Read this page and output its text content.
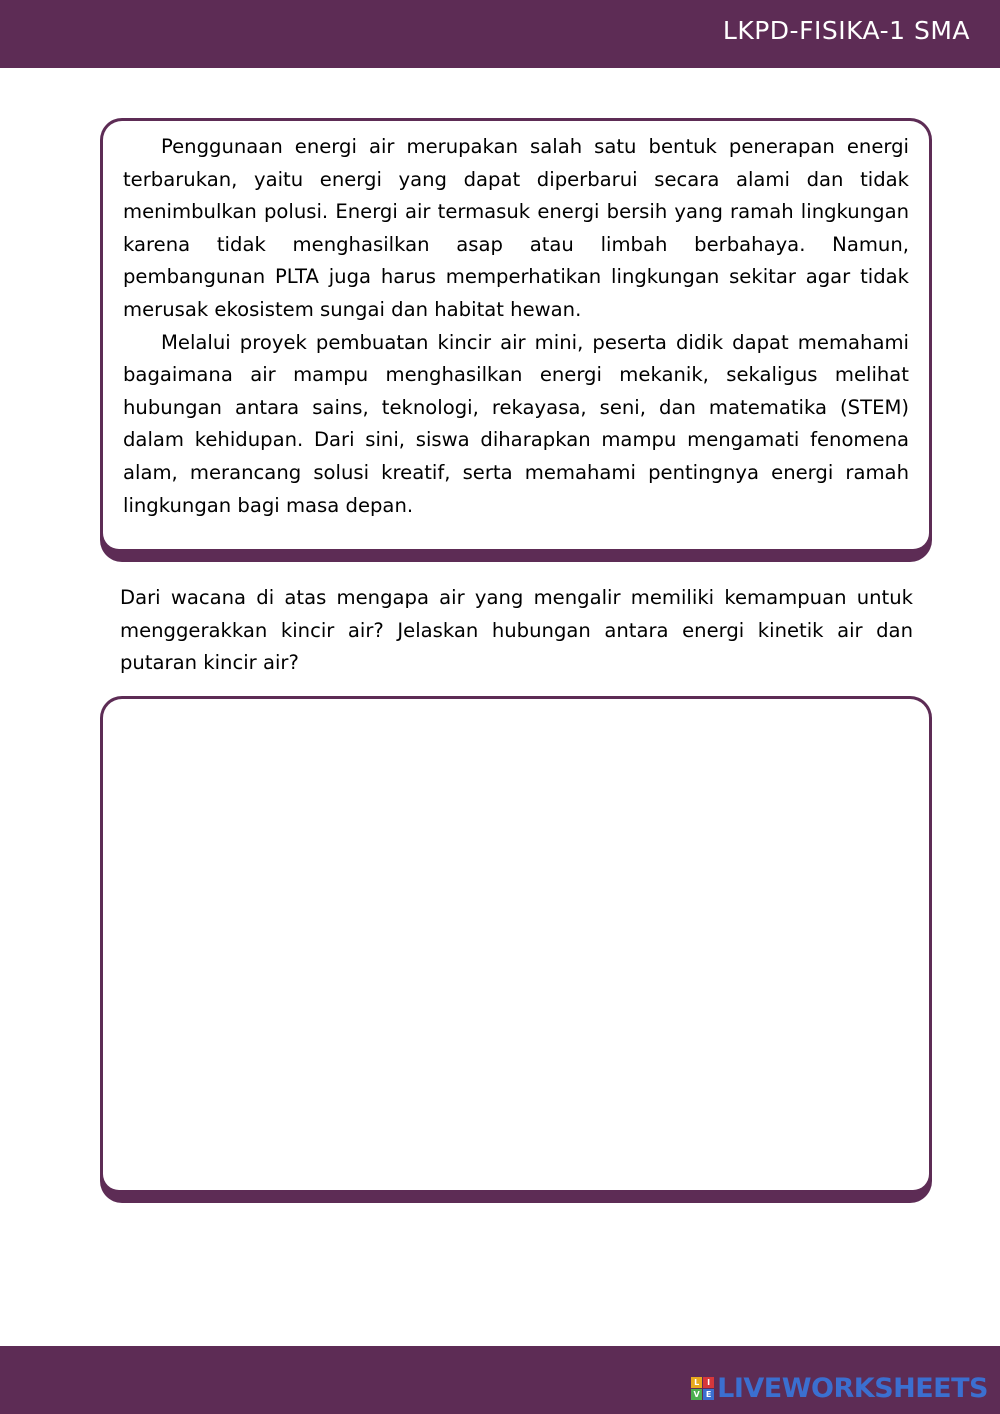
LKPD-FISIKA-1 SMA

Penggunaan energi air merupakan salah satu bentuk penerapan energi terbarukan, yaitu energi yang dapat diperbarui secara alami dan tidak menimbulkan polusi. Energi air termasuk energi bersih yang ramah lingkungan karena tidak menghasilkan asap atau limbah berbahaya. Namun, pembangunan PLTA juga harus memperhatikan lingkungan sekitar agar tidak merusak ekosistem sungai dan habitat hewan.

Melalui proyek pembuatan kincir air mini, peserta didik dapat memahami bagaimana air mampu menghasilkan energi mekanik, sekaligus melihat hubungan antara sains, teknologi, rekayasa, seni, dan matematika (STEM) dalam kehidupan. Dari sini, siswa diharapkan mampu mengamati fenomena alam, merancang solusi kreatif, serta memahami pentingnya energi ramah lingkungan bagi masa depan.

Dari wacana di atas mengapa air yang mengalir memiliki kemampuan untuk menggerakkan kincir air? Jelaskan hubungan antara energi kinetik air dan putaran kincir air?

L I
V E LIVEWORKSHEETS
